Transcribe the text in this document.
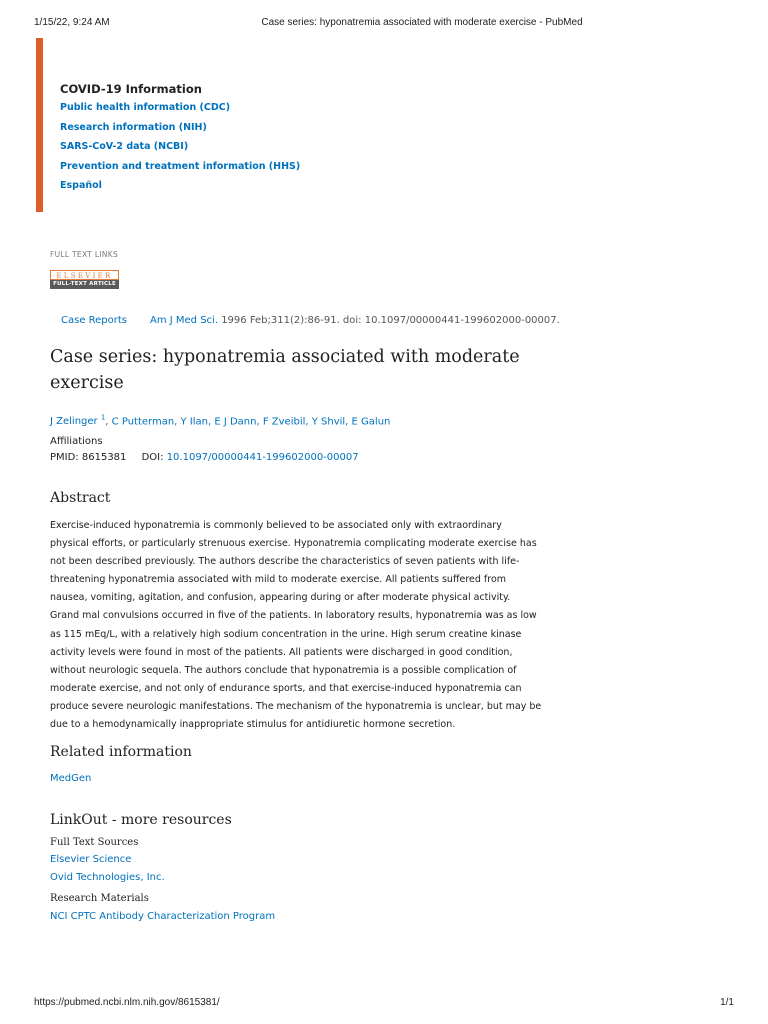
1/15/22, 9:24 AM	Case series: hyponatremia associated with moderate exercise - PubMed
COVID-19 Information
Public health information (CDC)
Research information (NIH)
SARS-CoV-2 data (NCBI)
Prevention and treatment information (HHS)
Español
FULL TEXT LINKS
ELSEVIER
FULL-TEXT ARTICLE
Case Reports Am J Med Sci. 1996 Feb;311(2):86-91. doi: 10.1097/00000441-199602000-00007.
Case series: hyponatremia associated with moderate exercise
J Zelinger $^1$, C Putterman, Y Ilan, E J Dann, F Zveibil, Y Shvil, E Galun
Affiliations
PMID: 8615381 DOI: 10.1097/00000441-199602000-00007
Abstract

Exercise-induced hyponatremia is commonly believed to be associated only with extraordinary physical efforts, or particularly strenuous exercise. Hyponatremia complicating moderate exercise has not been described previously. The authors describe the characteristics of seven patients with life-threatening hyponatremia associated with mild to moderate exercise. All patients suffered from nausea, vomiting, agitation, and confusion, appearing during or after moderate physical activity. Grand mal convulsions occurred in five of the patients. In laboratory results, hyponatremia was as low as 115 mEq/L, with a relatively high sodium concentration in the urine. High serum creatine kinase activity levels were found in most of the patients. All patients were discharged in good condition, without neurologic sequela. The authors conclude that hyponatremia is a possible complication of moderate exercise, and not only of endurance sports, and that exercise-induced hyponatremia can produce severe neurologic manifestations. The mechanism of the hyponatremia is unclear, but may be due to a hemodynamically inappropriate stimulus for antidiuretic hormone secretion.

Related information
MedGen
LinkOut - more resources
Full Text Sources
Elsevier Science
Ovid Technologies, Inc.
Research Materials
NCI CPTC Antibody Characterization Program
https://pubmed.ncbi.nlm.nih.gov/8615381/	1/1
